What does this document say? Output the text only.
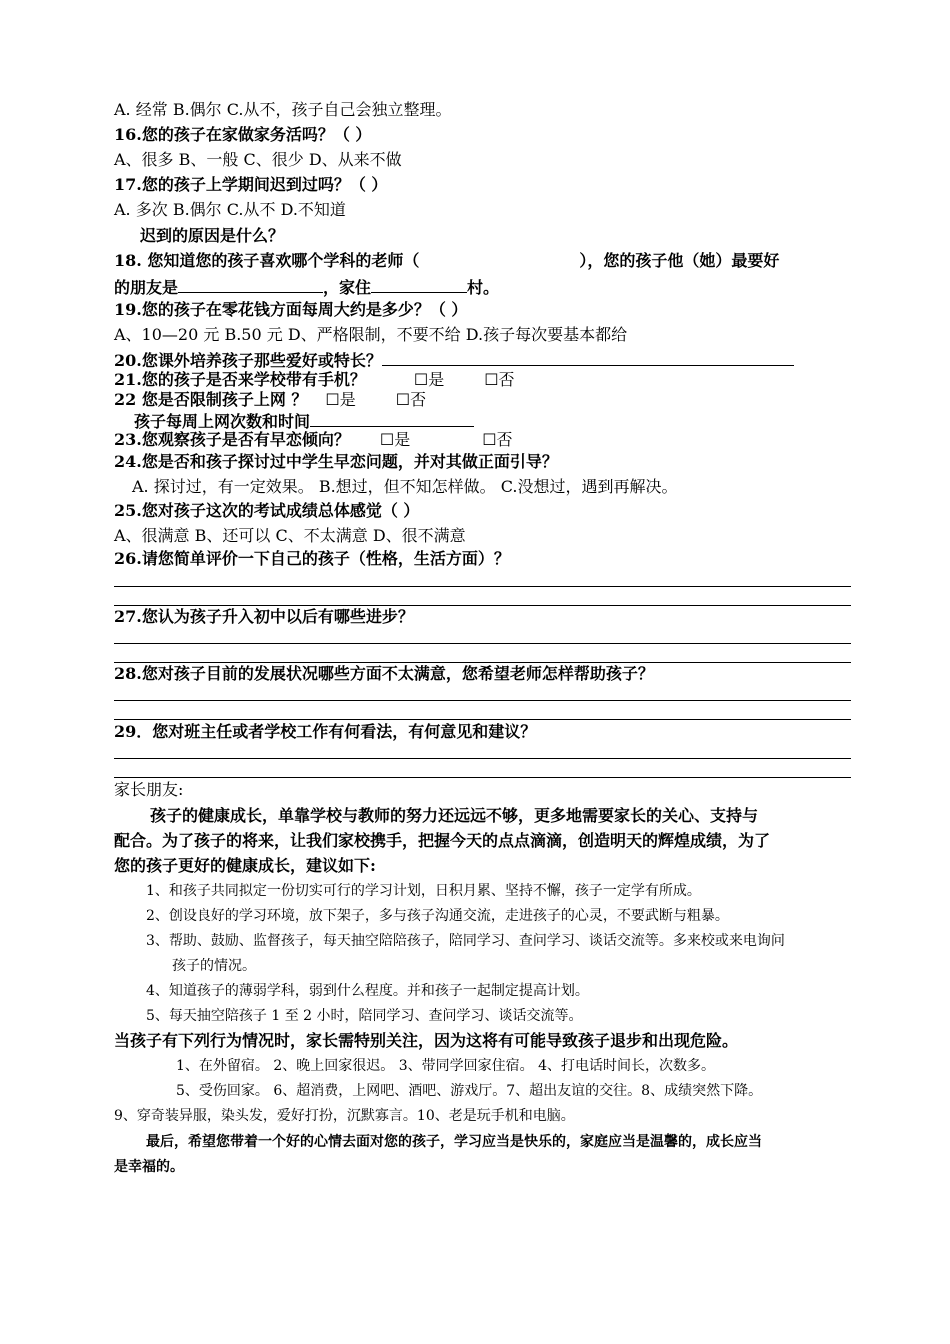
A. 经常 B.偶尔 C.从不，孩子自己会独立整理。
16.您的孩子在家做家务活吗？（ ）
A、很多 B、一般 C、很少 D、从来不做
17.您的孩子上学期间迟到过吗？（ ）
A. 多次 B.偶尔 C.从不 D.不知道
迟到的原因是什么？
18. 您知道您的孩子喜欢哪个学科的老师（	），您的孩子他（她）最要好
的朋友是	，家住	村。
19.您的孩子在零花钱方面每周大约是多少？（ ）
A、10—20 元 B.50 元 D、严格限制，不要不给 D.孩子每次要基本都给
20.您课外培养孩子那些爱好或特长？
21.您的孩子是否来学校带有手机？	☐是	☐否
22 您是否限制孩子上网 ？ ☐是	☐否
孩子每周上网次数和时间
23.您观察孩子是否有早恋倾向？ ☐是	☐否
24.您是否和孩子探讨过中学生早恋问题，并对其做正面引导？
A. 探讨过，有一定效果。 B.想过，但不知怎样做。 C.没想过，遇到再解决。
25.您对孩子这次的考试成绩总体感觉（ ）
A、很满意 B、还可以 C、不太满意 D、很不满意
26.请您简单评价一下自己的孩子（性格，生活方面）？
27.您认为孩子升入初中以后有哪些进步？
28.您对孩子目前的发展状况哪些方面不太满意，您希望老师怎样帮助孩子？
29．您对班主任或者学校工作有何看法，有何意见和建议？
家长朋友:
孩子的健康成长，单靠学校与教师的努力还远远不够，更多地需要家长的关心、支持与
配合。为了孩子的将来，让我们家校携手，把握今天的点点滴滴，创造明天的辉煌成绩，为了
您的孩子更好的健康成长，建议如下:
1、和孩子共同拟定一份切实可行的学习计划，日积月累、坚持不懈，孩子一定学有所成。
2、创设良好的学习环境，放下架子，多与孩子沟通交流，走进孩子的心灵，不要武断与粗暴。
3、帮助、鼓励、监督孩子，每天抽空陪陪孩子，陪同学习、查问学习、谈话交流等。多来校或来电询问
孩子的情况。
4、知道孩子的薄弱学科，弱到什么程度。并和孩子一起制定提高计划。
5、每天抽空陪孩子 1 至 2 小时，陪同学习、查问学习、谈话交流等。
当孩子有下列行为情况时，家长需特别关注，因为这将有可能导致孩子退步和出现危险。
1、在外留宿。 2、晚上回家很迟。 3、带同学回家住宿。 4、打电话时间长，次数多。
5、受伤回家。 6、超消费，上网吧、酒吧、游戏厅。7、超出友谊的交往。8、成绩突然下降。
9、穿奇装异服，染头发，爱好打扮，沉默寡言。10、老是玩手机和电脑。
最后，希望您带着一个好的心情去面对您的孩子，学习应当是快乐的，家庭应当是温馨的，成长应当
是幸福的。
